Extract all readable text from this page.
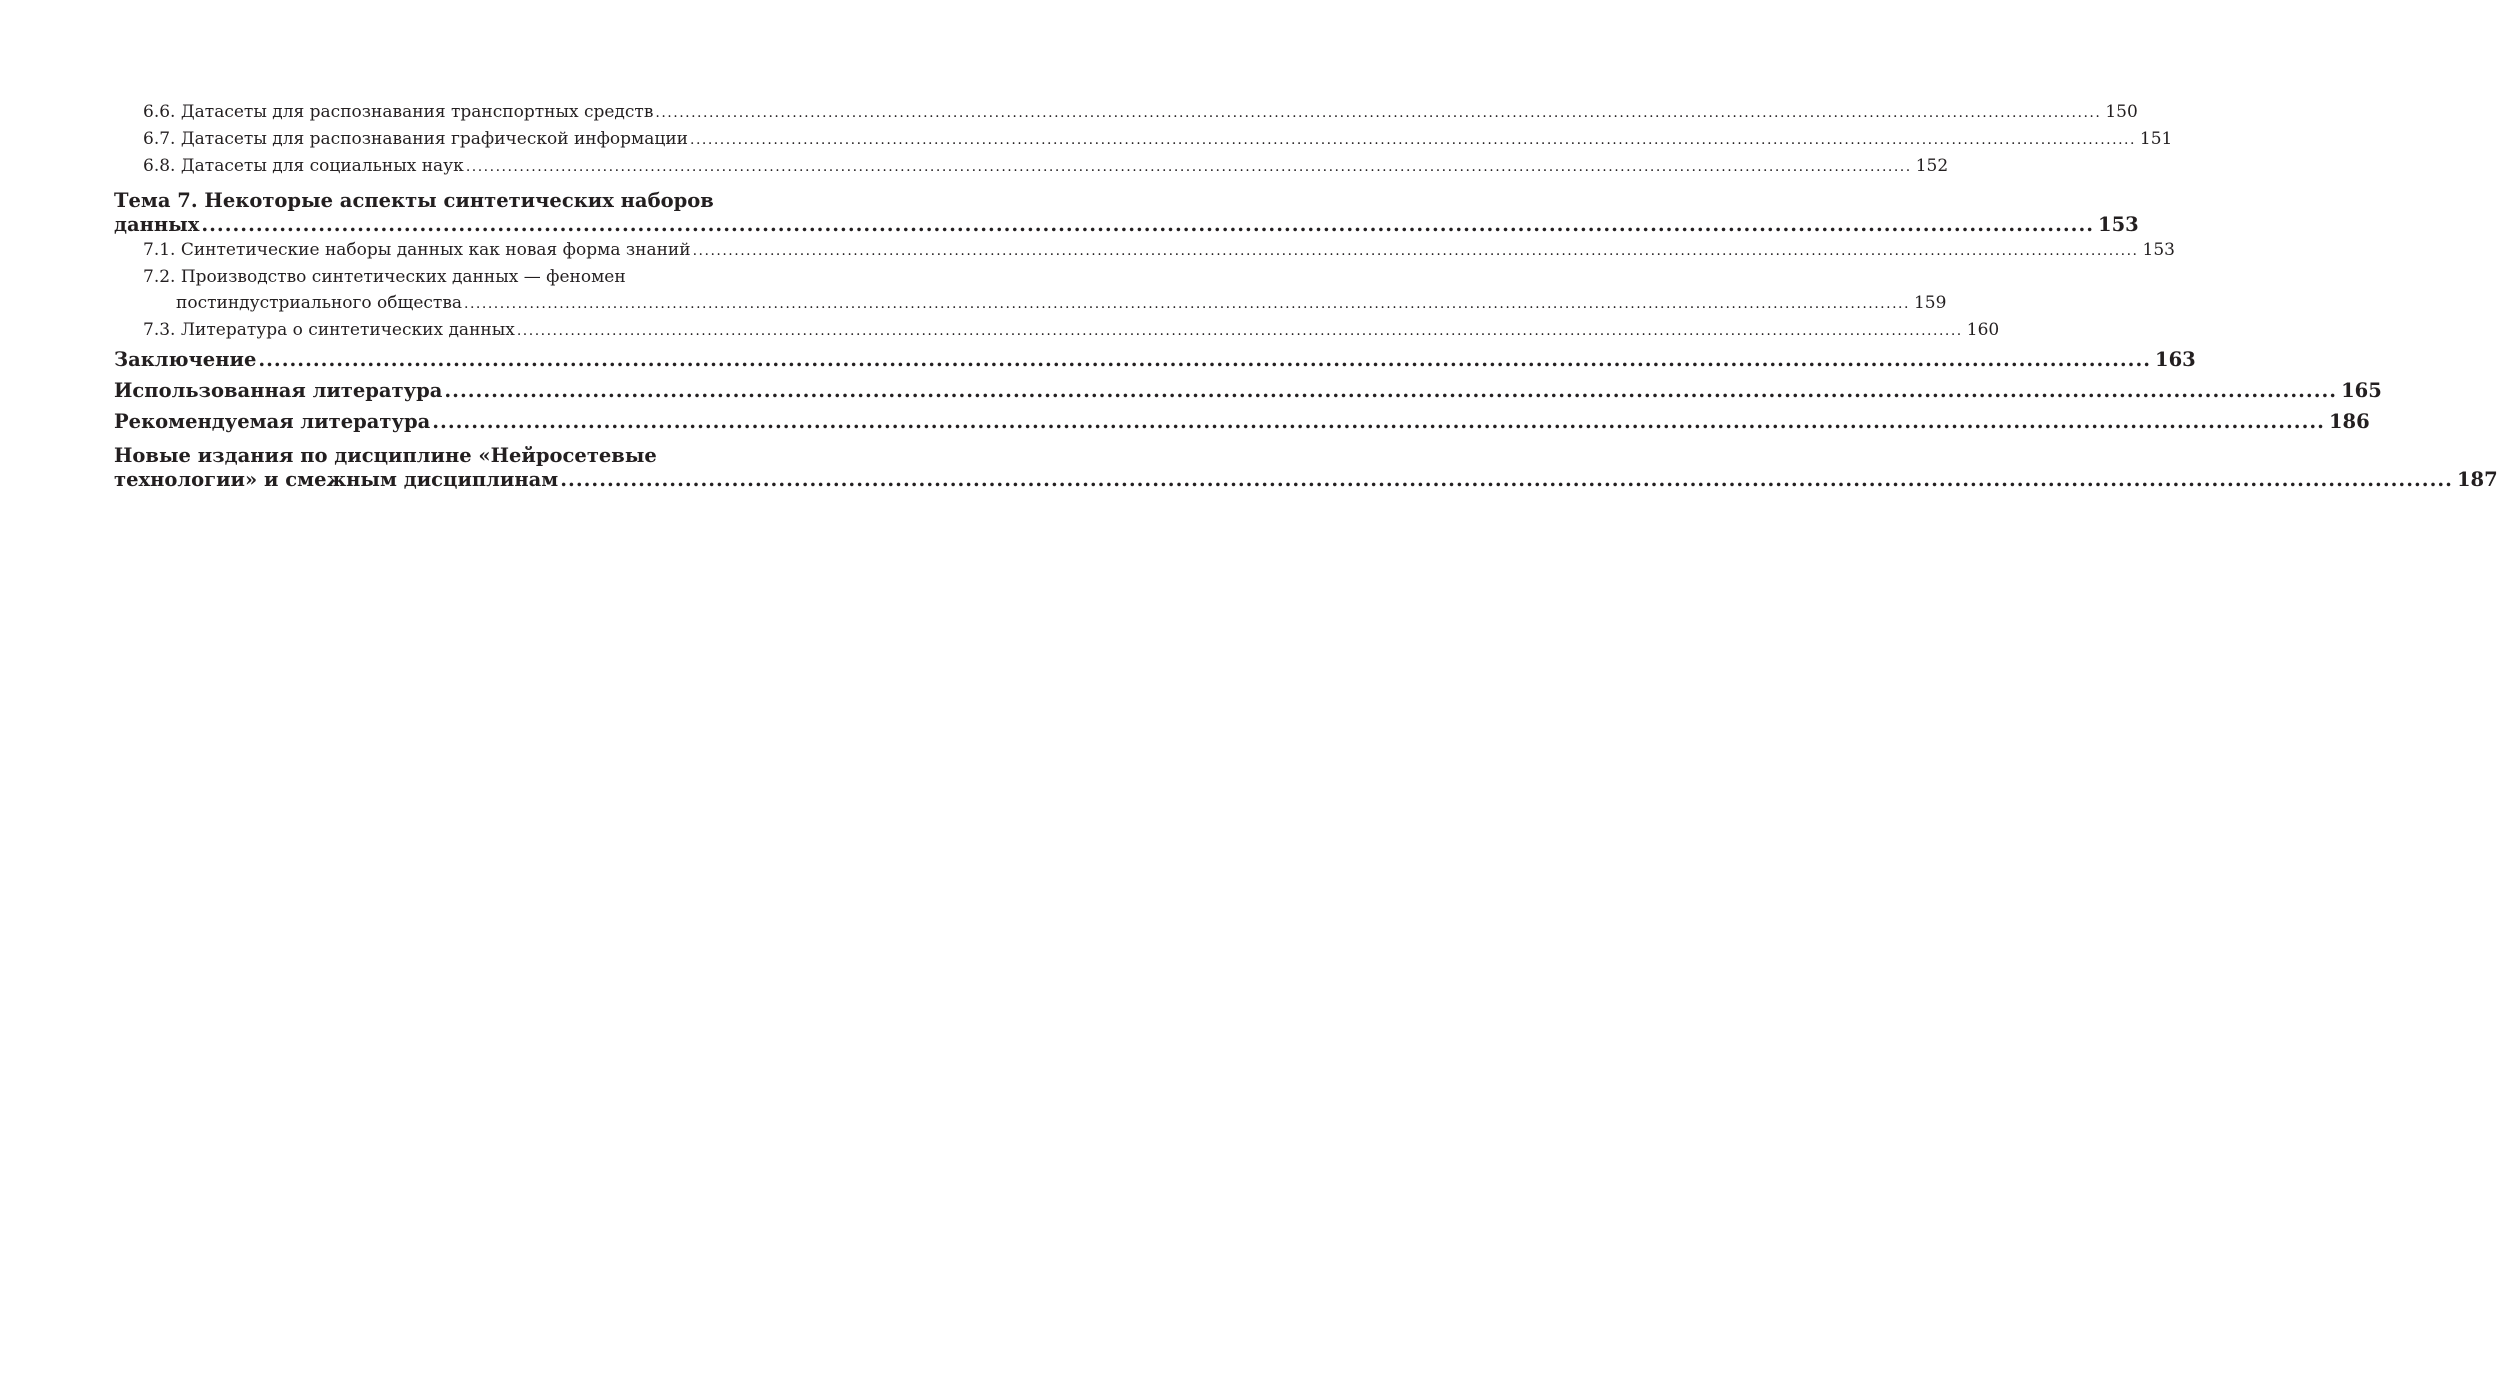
6.6. Датасеты для распознавания транспортных средств ................................................................................................................................................................................................................................................... 150
6.7. Датасеты для распознавания графической информации ................................................................................................................................................................................................................................................... 151
6.8. Датасеты для социальных наук ................................................................................................................................................................................................................................................... 152
Тема 7. Некоторые аспекты синтетических наборов
данных ................................................................................................................................................................................................................................................... 153
7.1. Синтетические наборы данных как новая форма знаний ................................................................................................................................................................................................................................................... 153
7.2. Производство синтетических данных — феномен
постиндустриального общества ................................................................................................................................................................................................................................................... 159
7.3. Литература о синтетических данных ................................................................................................................................................................................................................................................... 160
Заключение ................................................................................................................................................................................................................................................... 163
Использованная литература ................................................................................................................................................................................................................................................... 165
Рекомендуемая литература ................................................................................................................................................................................................................................................... 186
Новые издания по дисциплине «Нейросетевые
технологии» и смежным дисциплинам ................................................................................................................................................................................................................................................... 187
